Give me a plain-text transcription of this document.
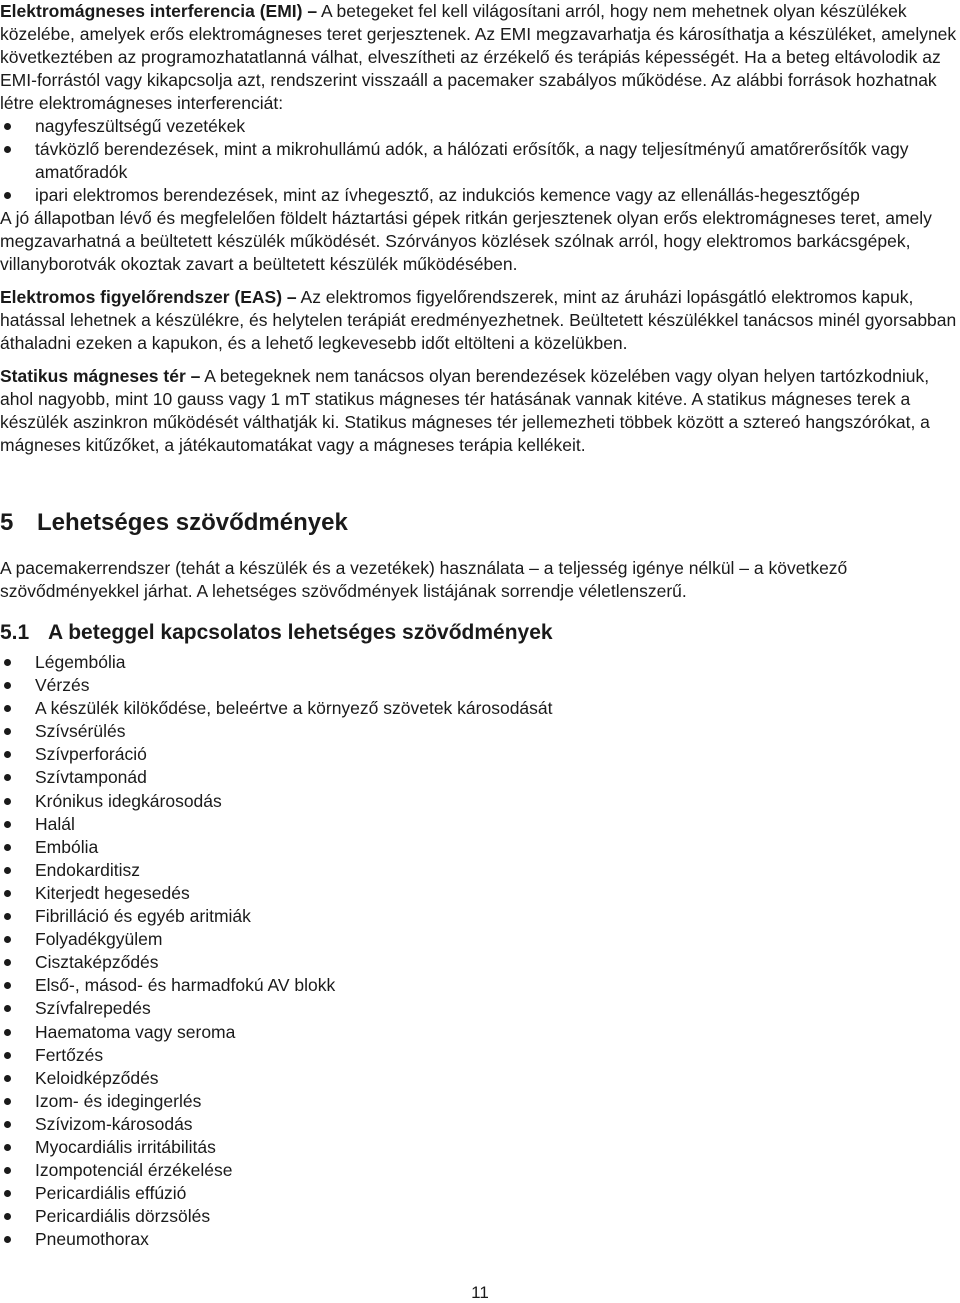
Elektromágneses interferencia (EMI) – A betegeket fel kell világosítani arról, hogy nem mehetnek olyan készülékek közelébe, amelyek erős elektromágneses teret gerjesztenek. Az EMI megzavarhatja és károsíthatja a készüléket, amelynek következtében az programozhatatlanná válhat, elveszítheti az érzékelő és terápiás képességét. Ha a beteg eltávolodik az EMI-forrástól vagy kikapcsolja azt, rendszerint visszaáll a pacemaker szabályos működése. Az alábbi források hozhatnak létre elektromágneses interferenciát:

nagyfeszültségű vezetékek
távközlő berendezések, mint a mikrohullámú adók, a hálózati erősítők, a nagy teljesítményű amatőrerősítők vagy amatőradók
ipari elektromos berendezések, mint az ívhegesztő, az indukciós kemence vagy az ellenállás-hegesztőgép

A jó állapotban lévő és megfelelően földelt háztartási gépek ritkán gerjesztenek olyan erős elektromágneses teret, amely megzavarhatná a beültetett készülék működését. Szórványos közlések szólnak arról, hogy elektromos barkácsgépek, villanyborotvák okoztak zavart a beültetett készülék működésében.

Elektromos figyelőrendszer (EAS) – Az elektromos figyelőrendszerek, mint az áruházi lopásgátló elektromos kapuk, hatással lehetnek a készülékre, és helytelen terápiát eredményezhetnek. Beültetett készülékkel tanácsos minél gyorsabban áthaladni ezeken a kapukon, és a lehető legkevesebb időt eltölteni a közelükben.

Statikus mágneses tér – A betegeknek nem tanácsos olyan berendezések közelében vagy olyan helyen tartózkodniuk, ahol nagyobb, mint 10 gauss vagy 1 mT statikus mágneses tér hatásának vannak kitéve. A statikus mágneses terek a készülék aszinkron működését válthatják ki. Statikus mágneses tér jellemezheti többek között a sztereó hangszórókat, a mágneses kitűzőket, a játékautomatákat vagy a mágneses terápia kellékeit.

5 Lehetséges szövődmények

A pacemakerrendszer (tehát a készülék és a vezetékek) használata – a teljesség igénye nélkül – a következő szövődményekkel járhat. A lehetséges szövődmények listájának sorrendje véletlenszerű.

5.1 A beteggel kapcsolatos lehetséges szövődmények
Légembólia
Vérzés
A készülék kilökődése, beleértve a környező szövetek károsodását
Szívsérülés
Szívperforáció
Szívtamponád
Krónikus idegkárosodás
Halál
Embólia
Endokarditisz
Kiterjedt hegesedés
Fibrilláció és egyéb aritmiák
Folyadékgyülem
Cisztaképződés
Első-, másod- és harmadfokú AV blokk
Szívfalrepedés
Haematoma vagy seroma
Fertőzés
Keloidképződés
Izom- és idegingerlés
Szívizom-károsodás
Myocardiális irritábilitás
Izompotenciál érzékelése
Pericardiális effúzió
Pericardiális dörzsölés
Pneumothorax
11
